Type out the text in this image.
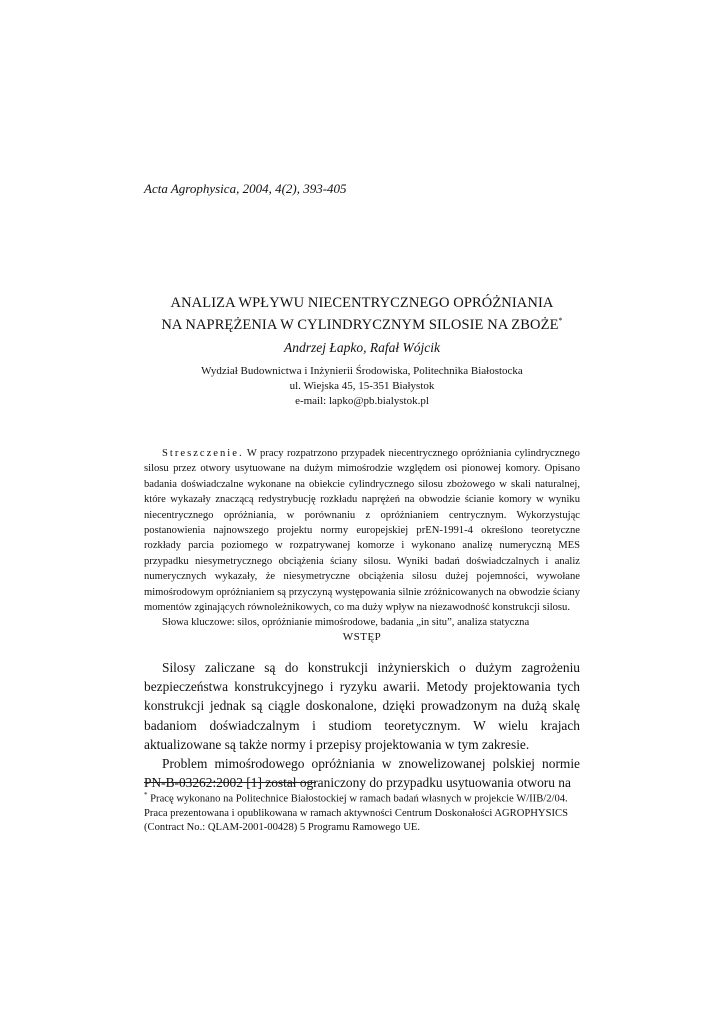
Acta Agrophysica, 2004, 4(2), 393-405
ANALIZA WPŁYWU NIECENTRYCZNEGO OPRÓŻNIANIA
NA NAPRĘŻENIA W CYLINDRYCZNYM SILOSIE NA ZBOŻE*
Andrzej Łapko, Rafał Wójcik
Wydział Budownictwa i Inżynierii Środowiska, Politechnika Białostocka
ul. Wiejska 45, 15-351 Białystok
e-mail: lapko@pb.bialystok.pl

Streszczenie. W pracy rozpatrzono przypadek niecentrycznego opróżniania cylindrycznego silosu przez otwory usytuowane na dużym mimośrodzie względem osi pionowej komory. Opisano badania doświadczalne wykonane na obiekcie cylindrycznego silosu zbożowego w skali naturalnej, które wykazały znaczącą redystrybucję rozkładu naprężeń na obwodzie ścianie komory w wyniku niecentrycznego opróżniania, w porównaniu z opróżnianiem centrycznym. Wykorzystując postanowienia najnowszego projektu normy europejskiej prEN-1991-4 określono teoretyczne rozkłady parcia poziomego w rozpatrywanej komorze i wykonano analizę numeryczną MES przypadku niesymetrycznego obciążenia ściany silosu. Wyniki badań doświadczalnych i analiz numerycznych wykazały, że niesymetryczne obciążenia silosu dużej pojemności, wywołane mimośrodowym opróżnianiem są przyczyną występowania silnie zróżnicowanych na obwodzie ściany momentów zginających równoleżnikowych, co ma duży wpływ na niezawodność konstrukcji silosu.

Słowa kluczowe: silos, opróżnianie mimośrodowe, badania „in situ”, analiza statyczna

WSTĘP

Silosy zaliczane są do konstrukcji inżynierskich o dużym zagrożeniu bezpieczeństwa konstrukcyjnego i ryzyku awarii. Metody projektowania tych konstrukcji jednak są ciągle doskonalone, dzięki prowadzonym na dużą skalę badaniom doświadczalnym i studiom teoretycznym. W wielu krajach aktualizowane są także normy i przepisy projektowania w tym zakresie.

Problem mimośrodowego opróżniania w znowelizowanej polskiej normie PN-B-03262:2002 [1] został ograniczony do przypadku usytuowania otworu na

* Pracę wykonano na Politechnice Białostockiej w ramach badań własnych w projekcie W/IIB/2/04.

Praca prezentowana i opublikowana w ramach aktywności Centrum Doskonałości AGROPHYSICS (Contract No.: QLAM-2001-00428) 5 Programu Ramowego UE.
